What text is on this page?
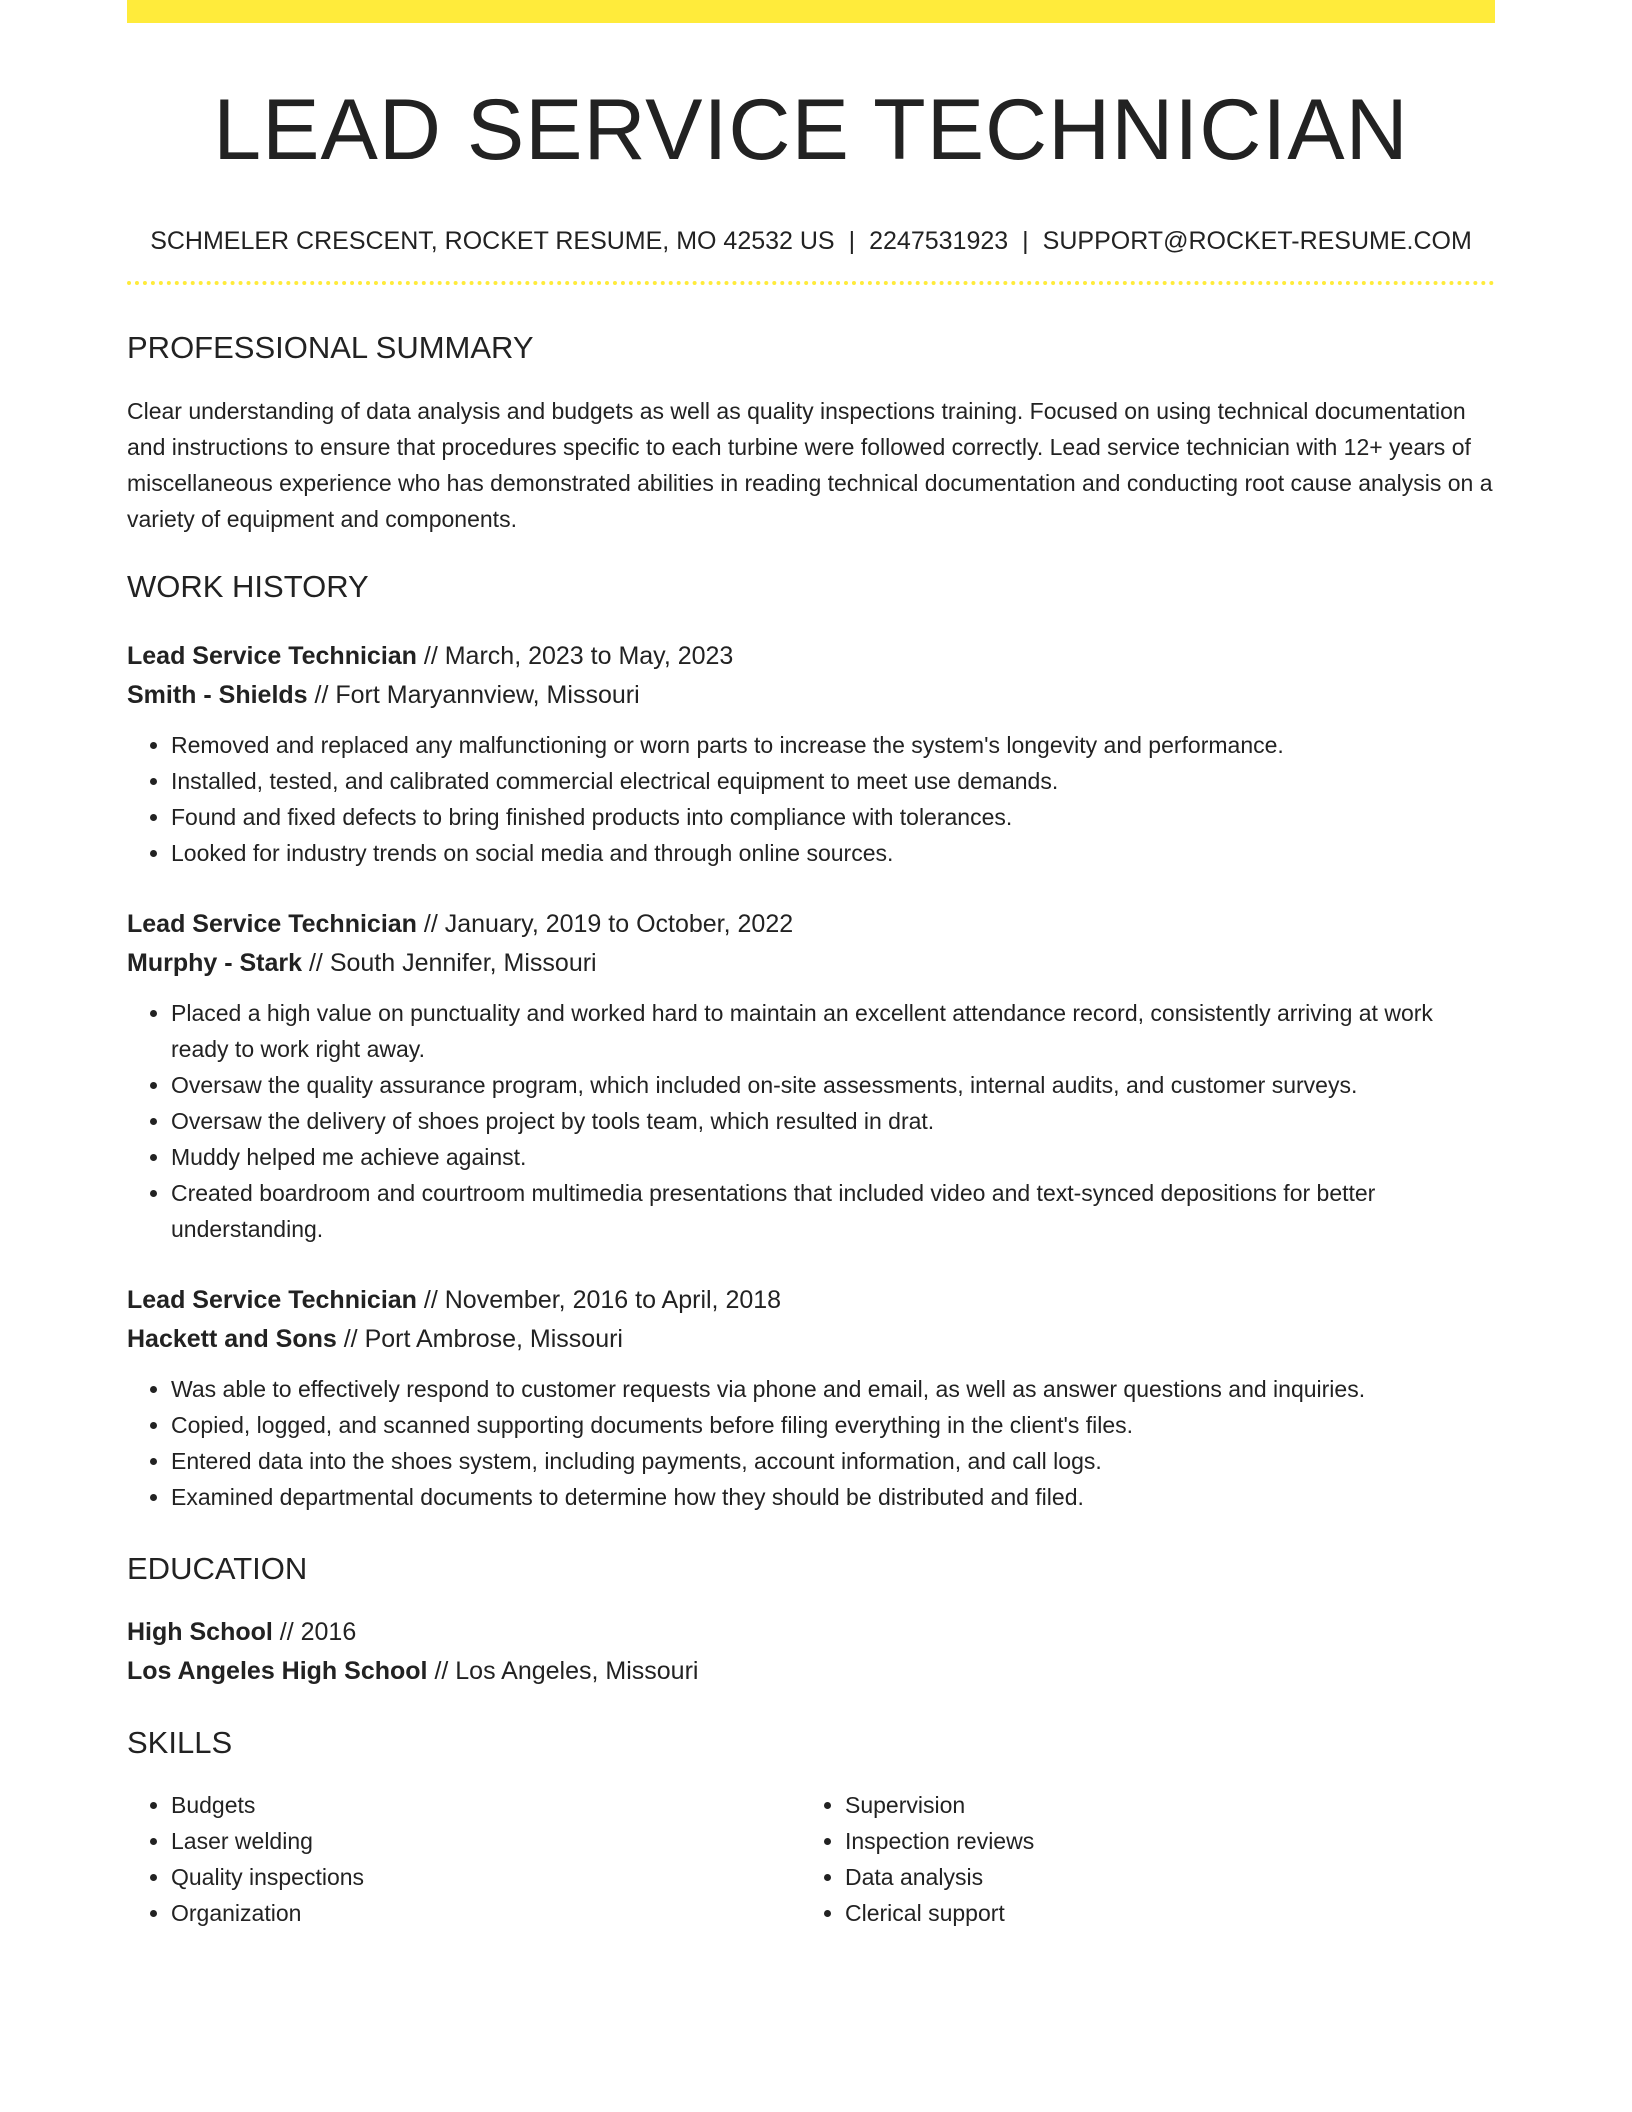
LEAD SERVICE TECHNICIAN
SCHMELER CRESCENT, ROCKET RESUME, MO 42532 US | 2247531923 | SUPPORT@ROCKET-RESUME.COM
PROFESSIONAL SUMMARY

Clear understanding of data analysis and budgets as well as quality inspections training. Focused on using technical documentation and instructions to ensure that procedures specific to each turbine were followed correctly. Lead service technician with 12+ years of miscellaneous experience who has demonstrated abilities in reading technical documentation and conducting root cause analysis on a variety of equipment and components.

WORK HISTORY
Lead Service Technician // March, 2023 to May, 2023
Smith - Shields // Fort Maryannview, Missouri
• Removed and replaced any malfunctioning or worn parts to increase the system's longevity and performance.
• Installed, tested, and calibrated commercial electrical equipment to meet use demands.
• Found and fixed defects to bring finished products into compliance with tolerances.
• Looked for industry trends on social media and through online sources.
Lead Service Technician // January, 2019 to October, 2022
Murphy - Stark // South Jennifer, Missouri
• Placed a high value on punctuality and worked hard to maintain an excellent attendance record, consistently arriving at work ready to work right away.
• Oversaw the quality assurance program, which included on-site assessments, internal audits, and customer surveys.
• Oversaw the delivery of shoes project by tools team, which resulted in drat.
• Muddy helped me achieve against.
• Created boardroom and courtroom multimedia presentations that included video and text-synced depositions for better understanding.
Lead Service Technician // November, 2016 to April, 2018
Hackett and Sons // Port Ambrose, Missouri
• Was able to effectively respond to customer requests via phone and email, as well as answer questions and inquiries.
• Copied, logged, and scanned supporting documents before filing everything in the client's files.
• Entered data into the shoes system, including payments, account information, and call logs.
• Examined departmental documents to determine how they should be distributed and filed.
EDUCATION
High School // 2016
Los Angeles High School // Los Angeles, Missouri
SKILLS
• Budgets
• Laser welding
• Quality inspections
• Organization
• Supervision
• Inspection reviews
• Data analysis
• Clerical support
